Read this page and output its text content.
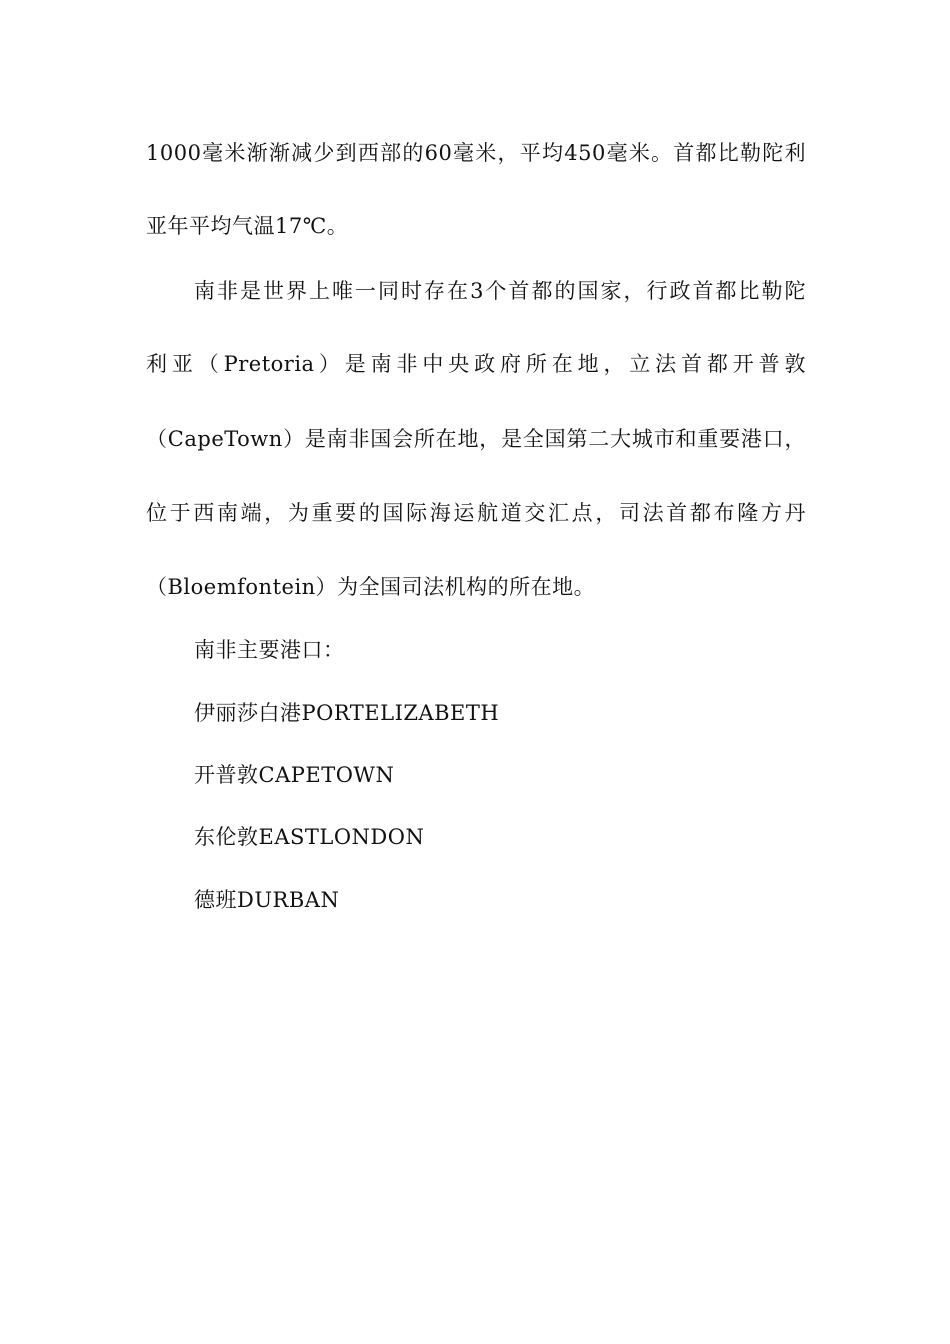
1000毫米渐渐减少到西部的60毫米，平均450毫米。首都比勒陀利
亚年平均气温17℃。
南非是世界上唯一同时存在3个首都的国家，行政首都比勒陀
利亚（Pretoria）是南非中央政府所在地，立法首都开普敦
（CapeTown）是南非国会所在地，是全国第二大城市和重要港口，
位于西南端，为重要的国际海运航道交汇点，司法首都布隆方丹
（Bloemfontein）为全国司法机构的所在地。
南非主要港口：
伊丽莎白港PORTELIZABETH
开普敦CAPETOWN
东伦敦EASTLONDON
德班DURBAN
